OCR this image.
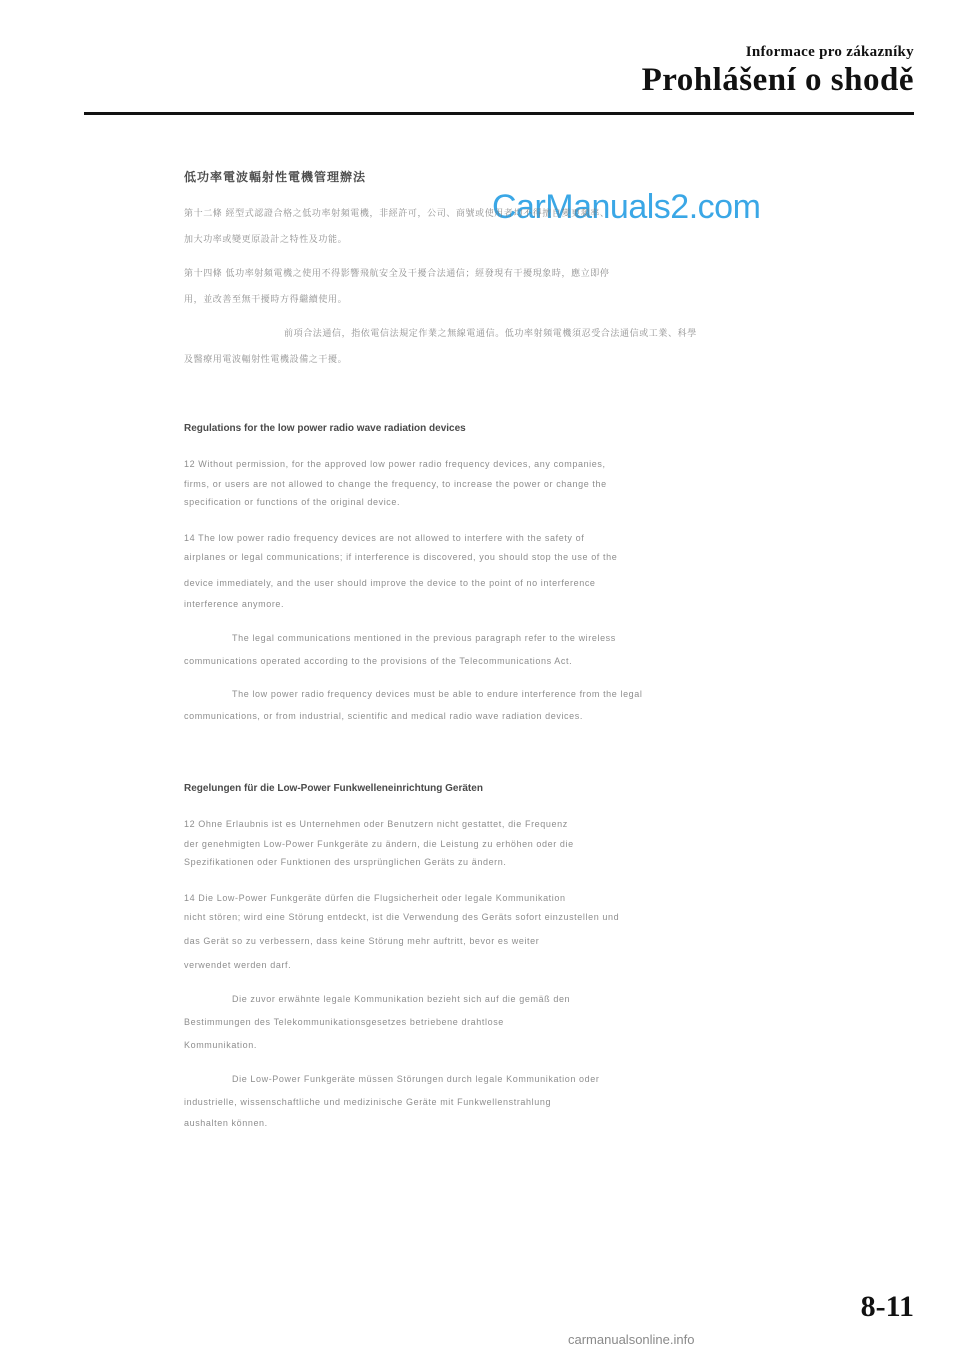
Informace pro zákazníky
Prohlášení o shodě
CarManuals2.com
低功率電波輻射性電機管理辦法
第十二條 經型式認證合格之低功率射頻電機，非經許可，公司、商號或使用者均不得擅自變更頻率、
加大功率或變更原設計之特性及功能。
第十四條 低功率射頻電機之使用不得影響飛航安全及干擾合法通信；經發現有干擾現象時，應立即停
用，並改善至無干擾時方得繼續使用。
前項合法通信，指依電信法規定作業之無線電通信。低功率射頻電機須忍受合法通信或工業、科學
及醫療用電波輻射性電機設備之干擾。
Regulations for the low power radio wave radiation devices
12 Without permission, for the approved low power radio frequency devices, any companies,
firms, or users are not allowed to change the frequency, to increase the power or change the
specification or functions of the original device.
14 The low power radio frequency devices are not allowed to interfere with the safety of
airplanes or legal communications; if interference is discovered, you should stop the use of the
device immediately, and the user should improve the device to the point of no interference
interference anymore.
The legal communications mentioned in the previous paragraph refer to the wireless
communications operated according to the provisions of the Telecommunications Act.
The low power radio frequency devices must be able to endure interference from the legal
communications, or from industrial, scientific and medical radio wave radiation devices.
Regelungen für die Low-Power Funkwelleneinrichtung Geräten
12 Ohne Erlaubnis ist es Unternehmen oder Benutzern nicht gestattet, die Frequenz
der genehmigten Low-Power Funkgeräte zu ändern, die Leistung zu erhöhen oder die
Spezifikationen oder Funktionen des ursprünglichen Geräts zu ändern.
14 Die Low-Power Funkgeräte dürfen die Flugsicherheit oder legale Kommunikation
nicht stören; wird eine Störung entdeckt, ist die Verwendung des Geräts sofort einzustellen und
das Gerät so zu verbessern, dass keine Störung mehr auftritt, bevor es weiter
verwendet werden darf.
Die zuvor erwähnte legale Kommunikation bezieht sich auf die gemäß den
Bestimmungen des Telekommunikationsgesetzes betriebene drahtlose
Kommunikation.
Die Low-Power Funkgeräte müssen Störungen durch legale Kommunikation oder
industrielle, wissenschaftliche und medizinische Geräte mit Funkwellenstrahlung
aushalten können.
8-11
carmanualsonline.info
